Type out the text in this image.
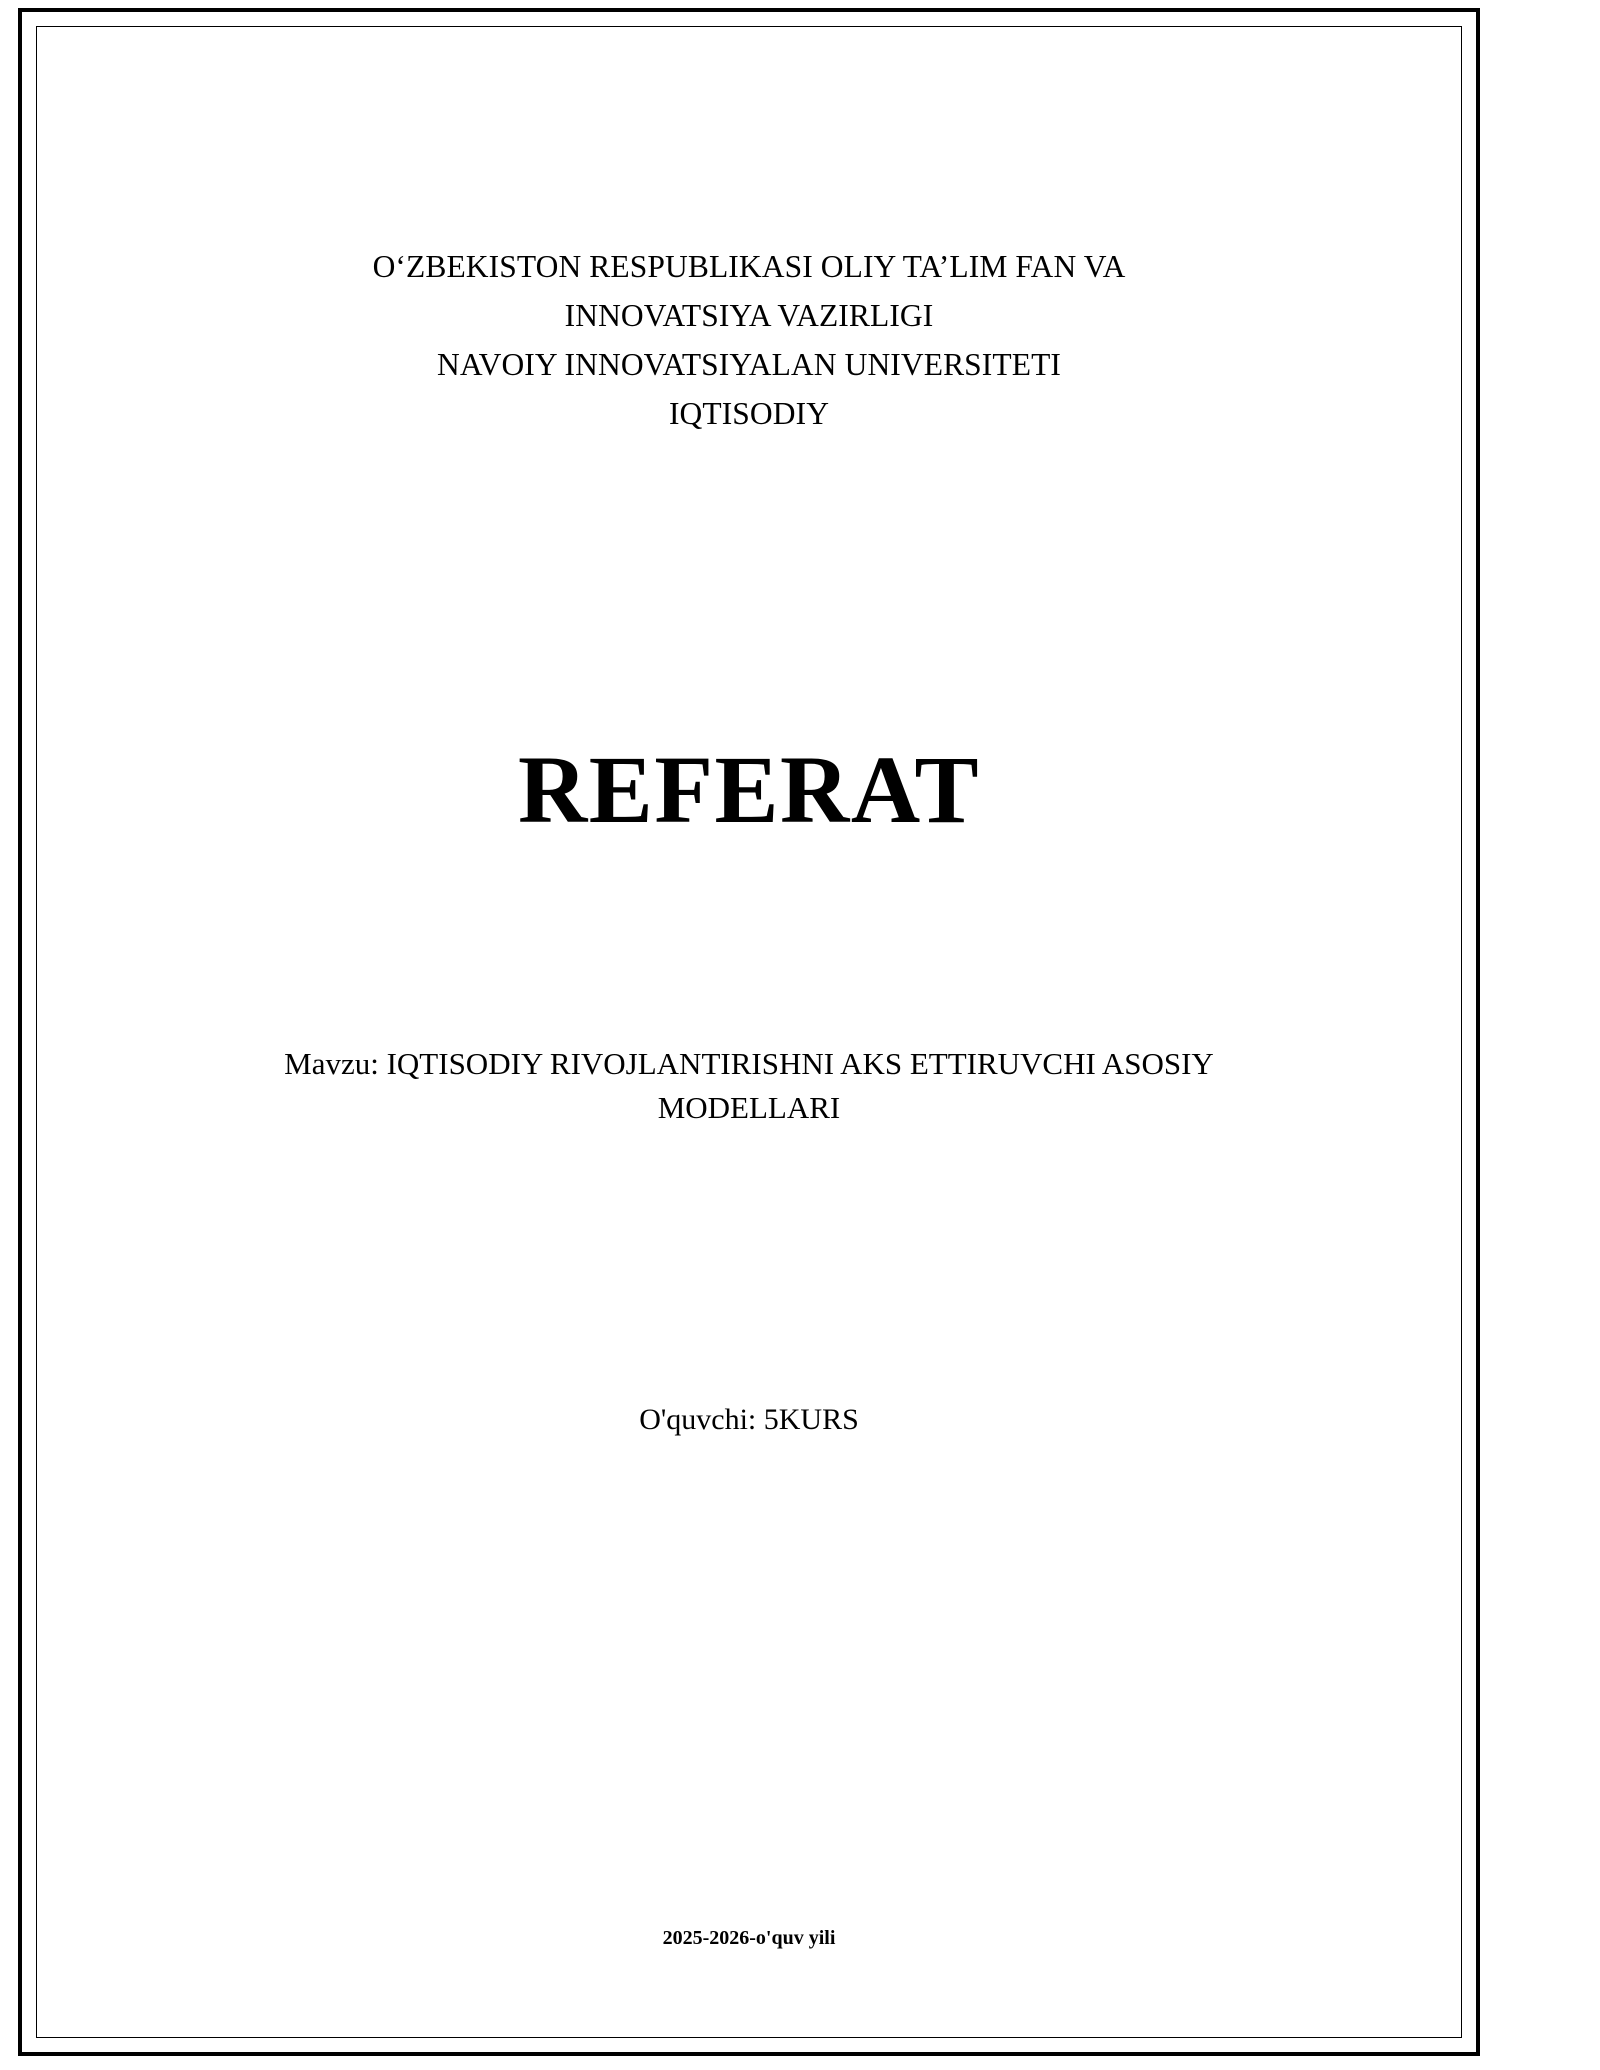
O‘ZBEKISTON RESPUBLIKASI OLIY TA’LIM FAN VA
INNOVATSIYA VAZIRLIGI
NAVOIY INNOVATSIYALAN UNIVERSITETI
IQTISODIY
REFERAT
Mavzu: IQTISODIY RIVOJLANTIRISHNI AKS ETTIRUVCHI ASOSIY
MODELLARI
O'quvchi: 5KURS
2025-2026-o'quv yili
